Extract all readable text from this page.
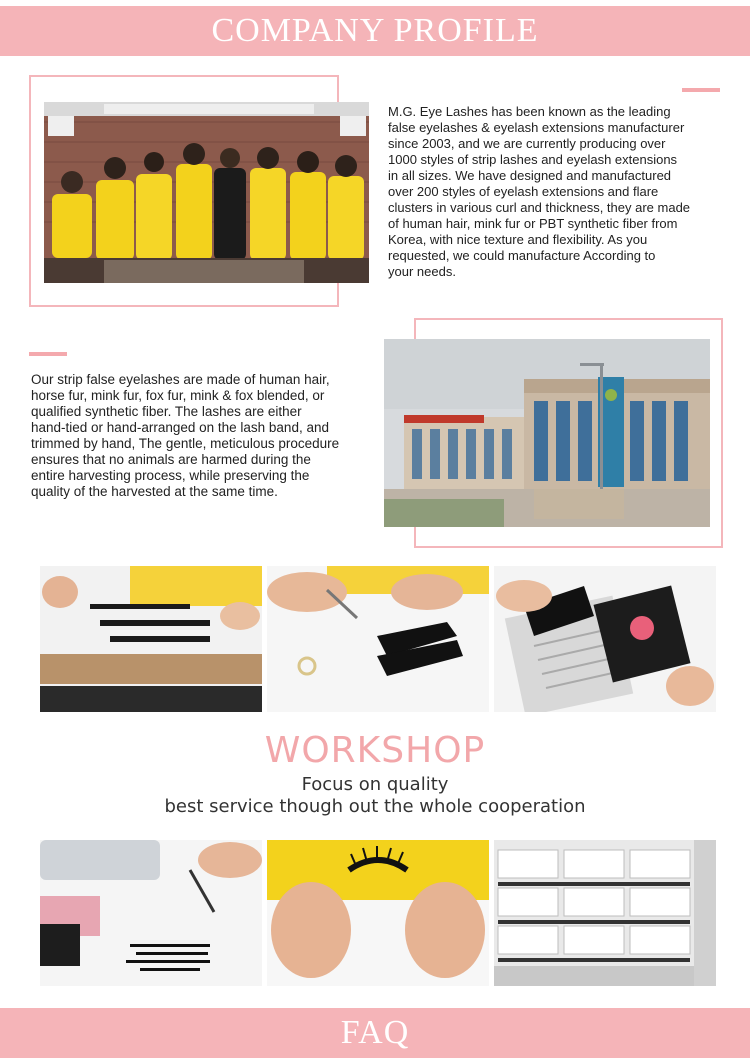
COMPANY PROFILE
M.G. Eye Lashes has been known as the leading
false eyelashes & eyelash extensions manufacturer
since 2003, and we are currently producing over
1000 styles of strip lashes and eyelash extensions
in all sizes. We have designed and manufactured
over 200 styles of eyelash extensions and flare
clusters in various curl and thickness, they are made
of human hair, mink fur or PBT synthetic fiber from
Korea, with nice texture and flexibility. As you
requested, we could manufacture According to
your needs.
Our strip false eyelashes are made of human hair,
horse fur, mink fur, fox fur, mink & fox blended, or
qualified synthetic fiber. The lashes are either
hand-tied or hand-arranged on the lash band, and
trimmed by hand, The gentle, meticulous procedure
ensures that no animals are harmed during the
entire harvesting process, while preserving the
quality of the harvested at the same time.
WORKSHOP
Focus on quality
best service though out the whole cooperation
FAQ
